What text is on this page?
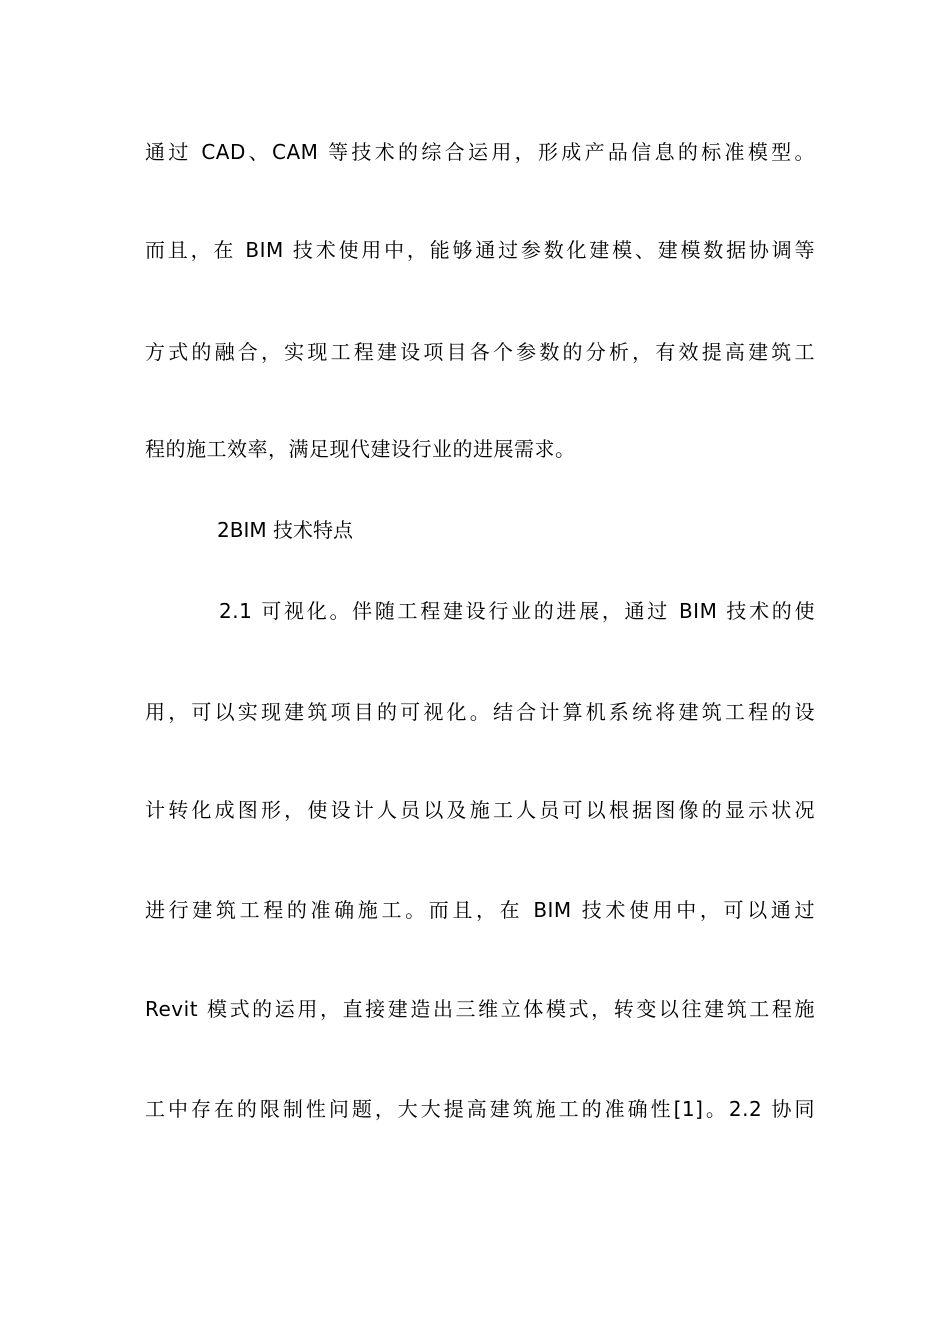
通过 CAD、CAM 等技术的综合运用，形成产品信息的标准模型。
而且，在 BIM 技术使用中，能够通过参数化建模、建模数据协调等
方式的融合，实现工程建设项目各个参数的分析，有效提高建筑工
程的施工效率，满足现代建设行业的进展需求。
2BIM 技术特点
2.1 可视化。伴随工程建设行业的进展，通过 BIM 技术的使
用，可以实现建筑项目的可视化。结合计算机系统将建筑工程的设
计转化成图形，使设计人员以及施工人员可以根据图像的显示状况
进行建筑工程的准确施工。而且，在 BIM 技术使用中，可以通过
Revit 模式的运用，直接建造出三维立体模式，转变以往建筑工程施
工中存在的限制性问题，大大提高建筑施工的准确性[1]。2.2 协同
